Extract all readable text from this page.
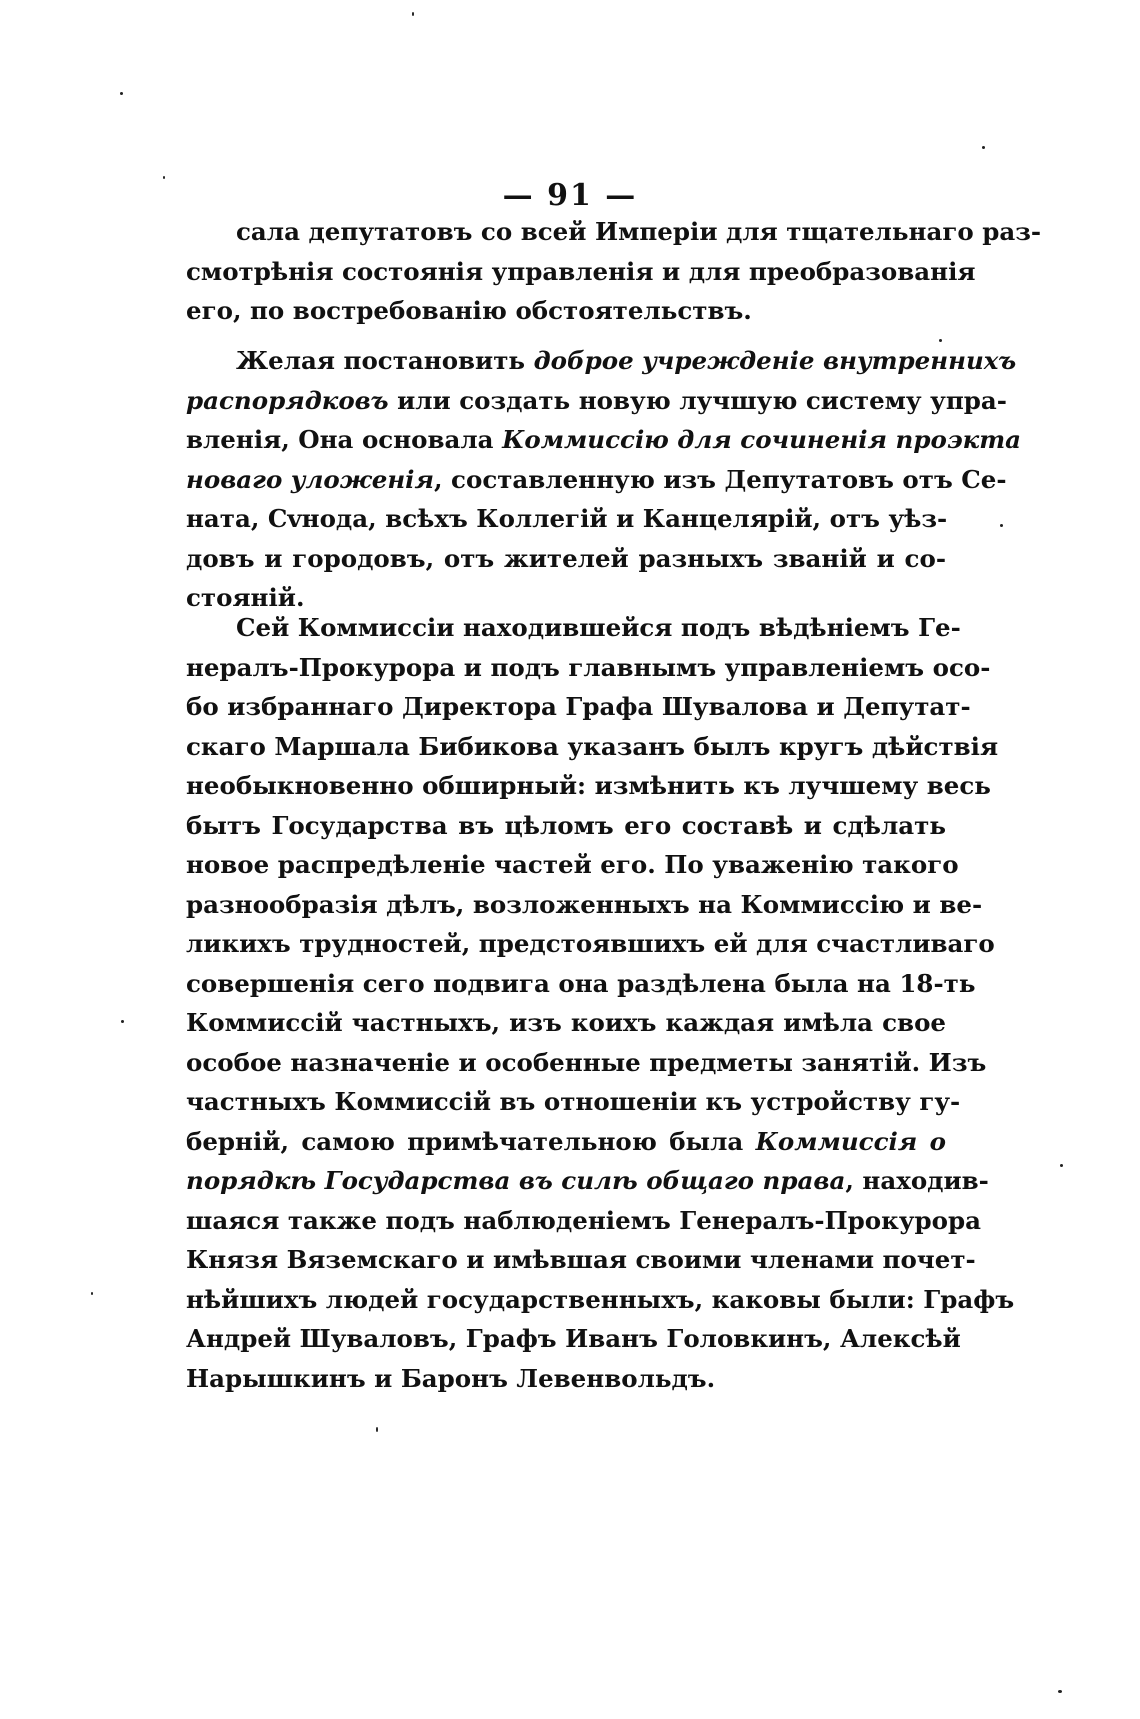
— 91 —
сала депутатовъ со всей Имперіи для тщательнаго раз-
смотрѣнія состоянія управленія и для преобразованія
его, по востребованію обстоятельствъ.
Желая постановить доброе учрежденіе внутреннихъ
распорядковъ или создать новую лучшую систему упра-
вленія, Она основала Коммиссію для сочиненія проэкта
новаго уложенія, составленную изъ Депутатовъ отъ Се-
ната, Сvнода, всѣхъ Коллегій и Канцелярій, отъ уѣз-
довъ и городовъ, отъ жителей разныхъ званій и со-
стояній.
Сей Коммиссіи находившейся подъ вѣдѣніемъ Ге-
нералъ-Прокурора и подъ главнымъ управленіемъ осо-
бо избраннаго Директора Графа Шувалова и Депутат-
скаго Маршала Бибикова указанъ былъ кругъ дѣйствія
необыкновенно обширный: измѣнить къ лучшему весь
бытъ Государства въ цѣломъ его составѣ и сдѣлать
новое распредѣленіе частей его. По уваженію такого
разнообразія дѣлъ, возложенныхъ на Коммиссію и ве-
ликихъ трудностей, предстоявшихъ ей для счастливаго
совершенія сего подвига она раздѣлена была на 18-ть
Коммиссій частныхъ, изъ коихъ каждая имѣла свое
особое назначеніе и особенные предметы занятій. Изъ
частныхъ Коммиссій въ отношеніи къ устройству гу-
берній, самою примѣчательною была Коммиссія о
порядкѣ Государства въ силѣ общаго права, находив-
шаяся также подъ наблюденіемъ Генералъ-Прокурора
Князя Вяземскаго и имѣвшая своими членами почет-
нѣйшихъ людей государственныхъ, каковы были: Графъ
Андрей Шуваловъ, Графъ Иванъ Головкинъ, Алексѣй
Нарышкинъ и Баронъ Левенвольдъ.
